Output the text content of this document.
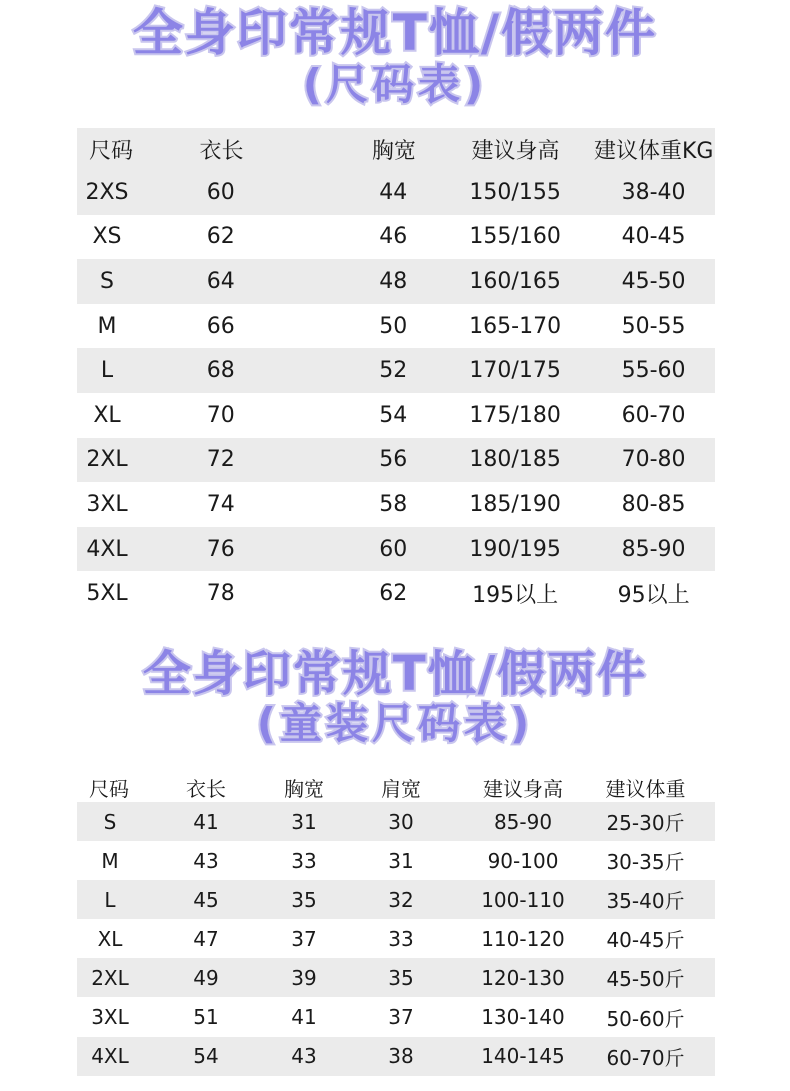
全身印常规T恤/假两件
(尺码表)
尺码	衣长	胸宽	建议身高	建议体重KG
2XS	60	44	150/155	38-40
XS	62	46	155/160	40-45
S	64	48	160/165	45-50
M	66	50	165-170	50-55
L	68	52	170/175	55-60
XL	70	54	175/180	60-70
2XL	72	56	180/185	70-80
3XL	74	58	185/190	80-85
4XL	76	60	190/195	85-90
5XL	78	62	195以上	95以上
全身印常规T恤/假两件
(童装尺码表)
尺码	衣长	胸宽	肩宽	建议身高	建议体重
S	41	31	30	85-90	25-30斤
M	43	33	31	90-100	30-35斤
L	45	35	32	100-110	35-40斤
XL	47	37	33	110-120	40-45斤
2XL	49	39	35	120-130	45-50斤
3XL	51	41	37	130-140	50-60斤
4XL	54	43	38	140-145	60-70斤
